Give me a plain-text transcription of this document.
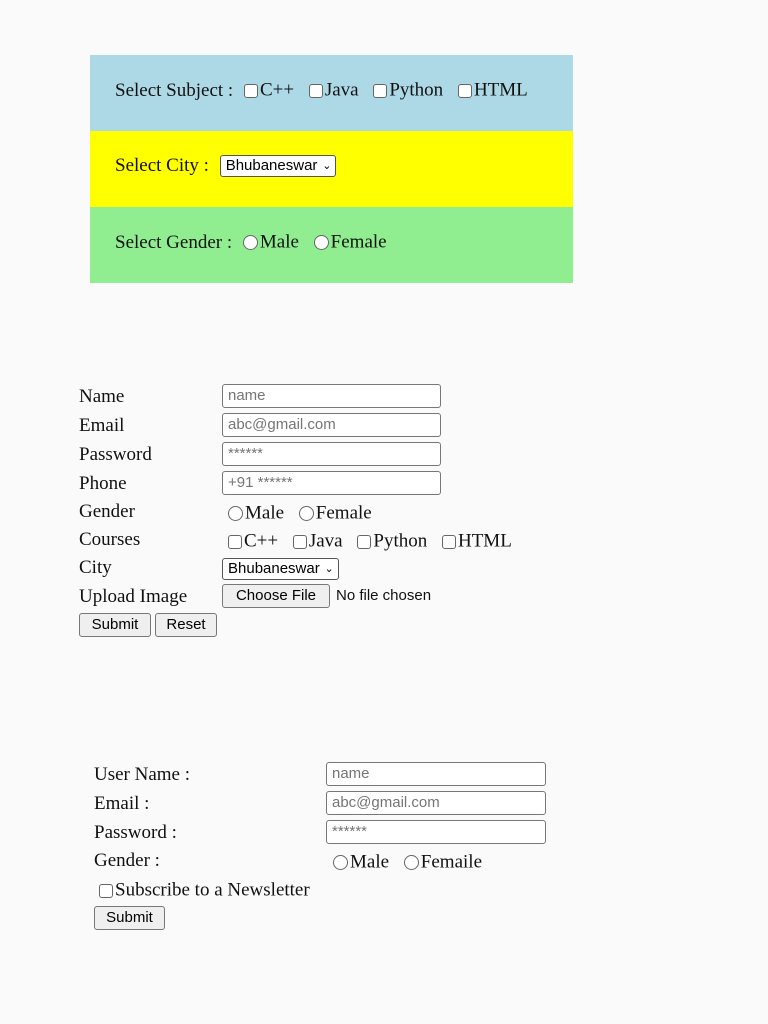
Select Subject : C++ Java Python HTML
Select City : Bhubaneswar ⌄
Select Gender : Male Female
Name	name
Email	abc@gmail.com
Password	******
Phone	+91 ******
Gender	Male Female
Courses	C++ Java Python HTML
City	Bhubaneswar ⌄
Upload Image	Choose File	No file chosen
Submit	Reset
User Name :	name
Email :	abc@gmail.com
Password :	******
Gender :	Male Femaile
Subscribe to a Newsletter
Submit
